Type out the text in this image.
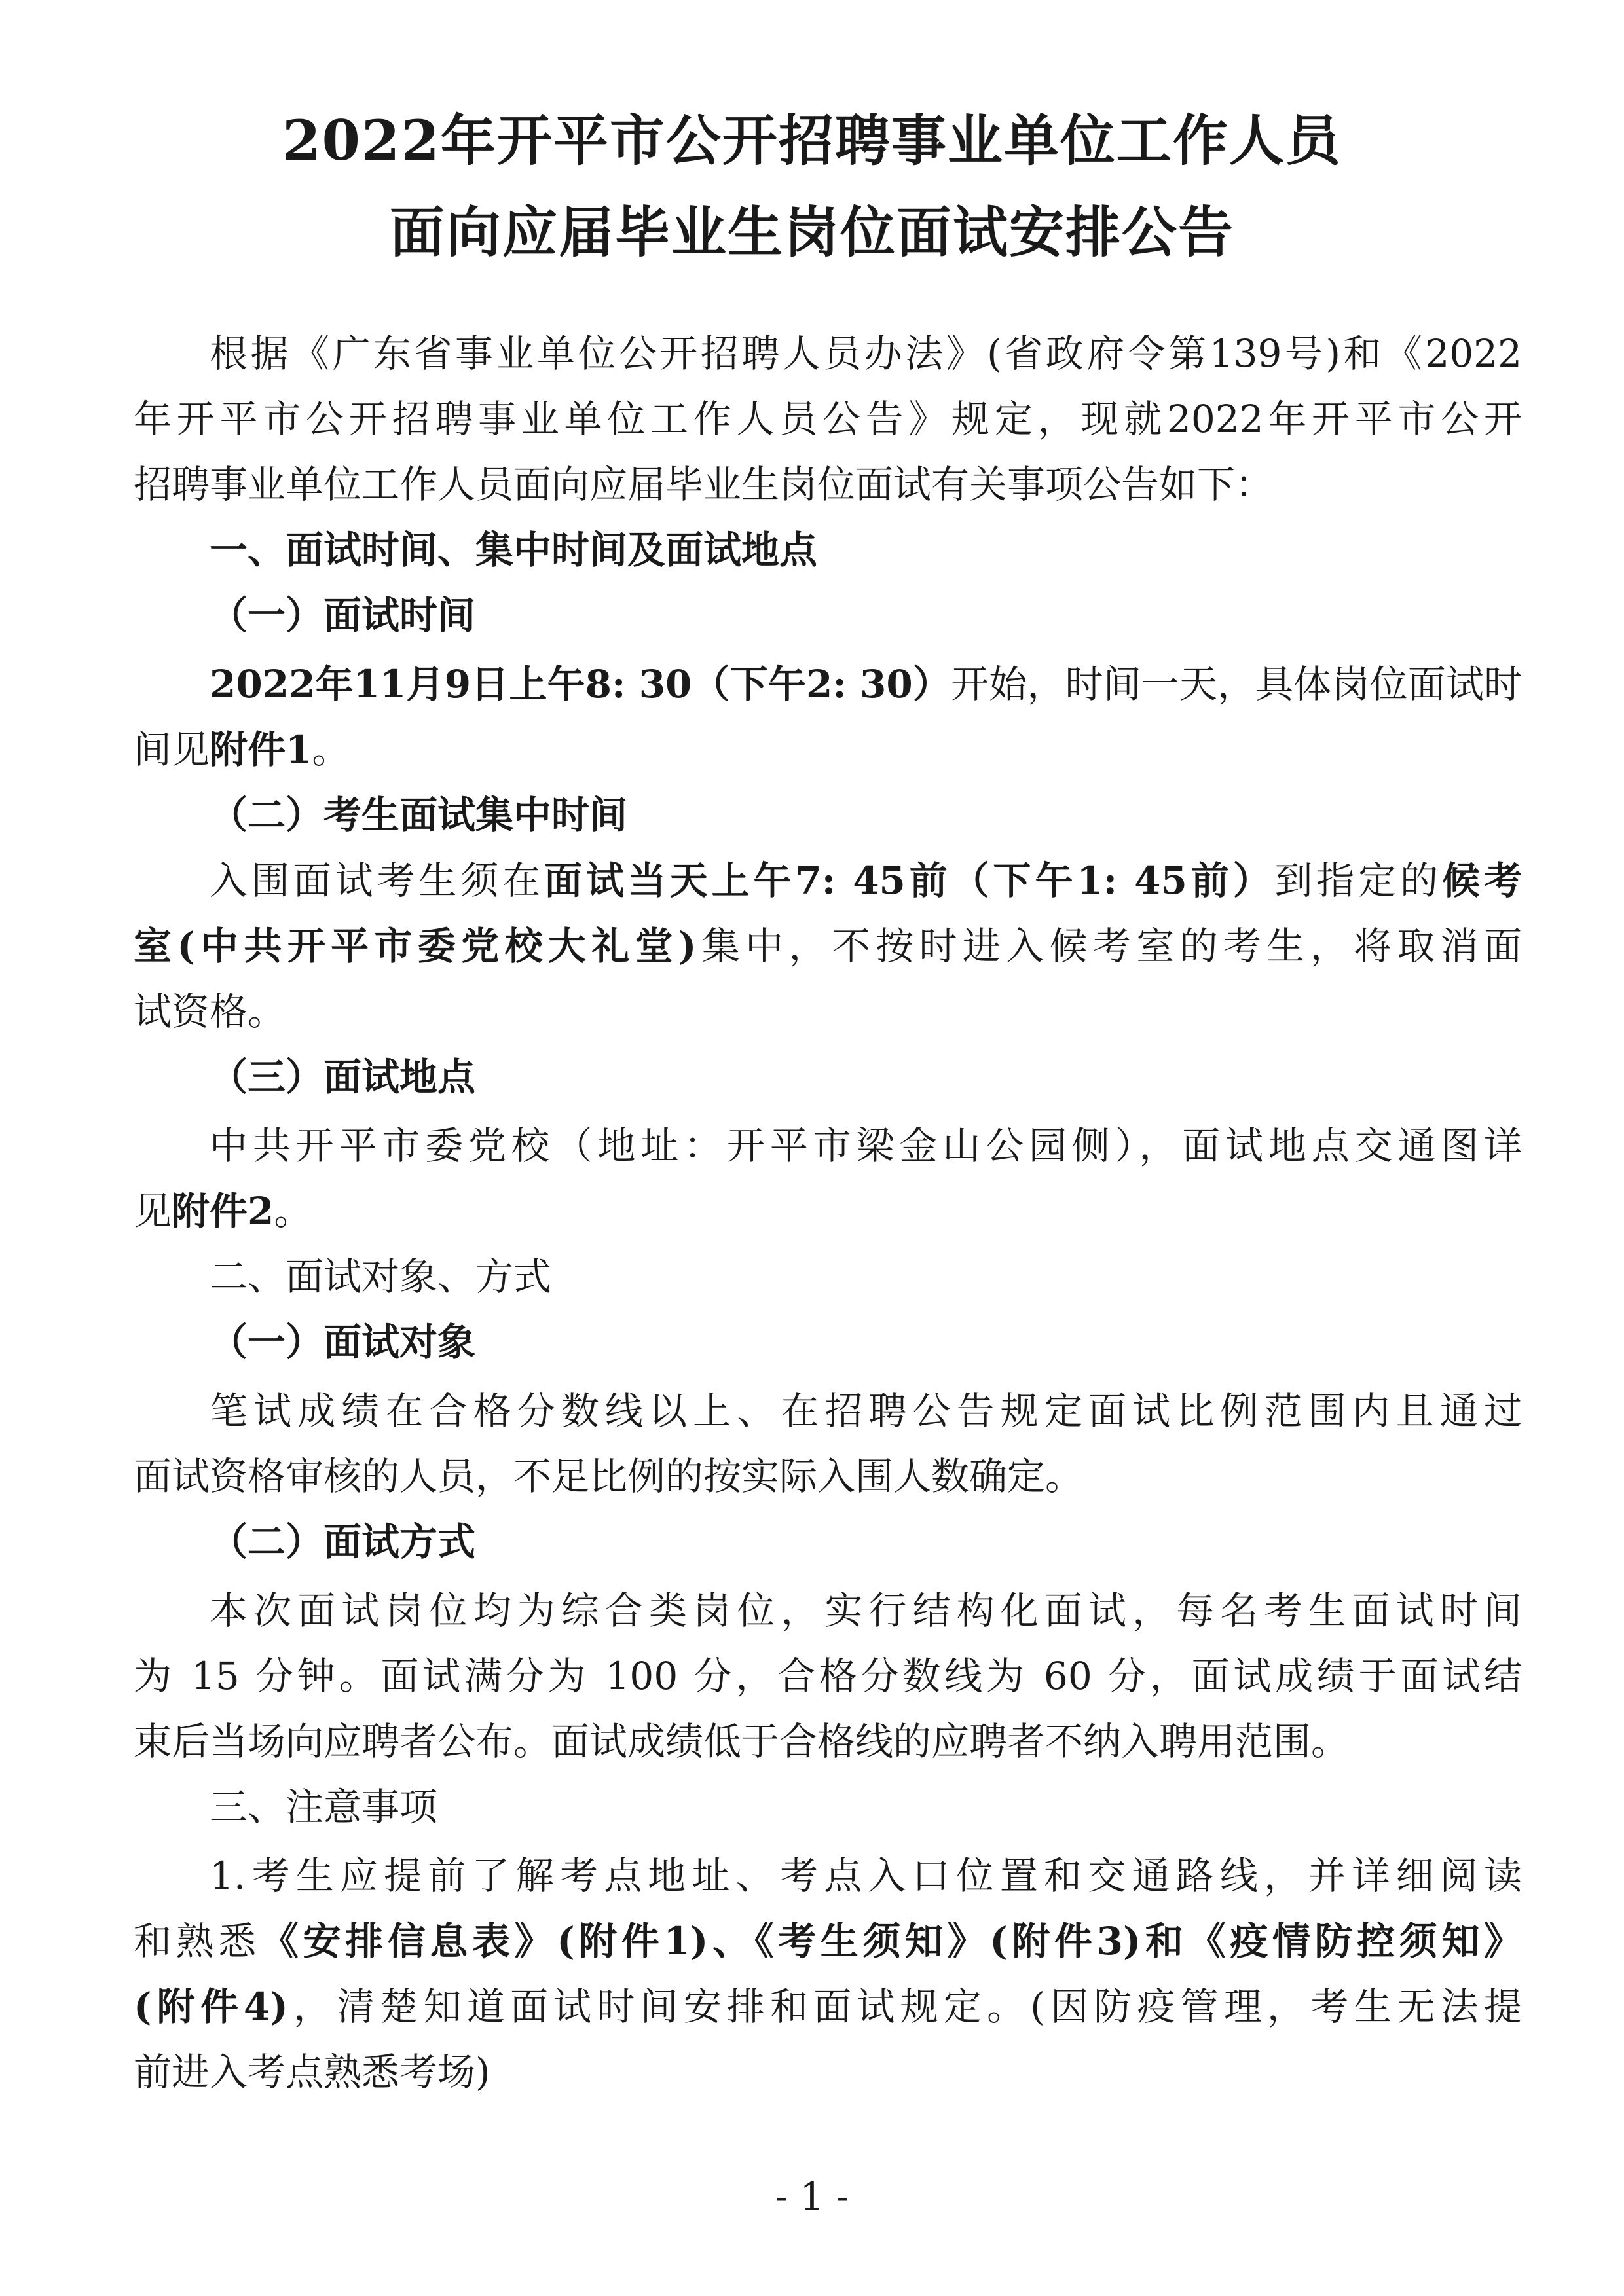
2022年开平市公开招聘事业单位工作人员
面向应届毕业生岗位面试安排公告
根据《广东省事业单位公开招聘人员办法》(省政府令第139号)和《2022
年开平市公开招聘事业单位工作人员公告》规定，现就2022年开平市公开
招聘事业单位工作人员面向应届毕业生岗位面试有关事项公告如下：
一、面试时间、集中时间及面试地点
（一）面试时间
2022年11月9日上午8: 30（下午2: 30）开始，时间一天，具体岗位面试时
间见附件1。
（二）考生面试集中时间
入围面试考生须在面试当天上午7: 45前（下午1: 45前）到指定的候考
室(中共开平市委党校大礼堂)集中，不按时进入候考室的考生，将取消面
试资格。
（三）面试地点
中共开平市委党校（地址：开平市梁金山公园侧），面试地点交通图详
见附件2。
二、面试对象、方式
（一）面试对象
笔试成绩在合格分数线以上、在招聘公告规定面试比例范围内且通过
面试资格审核的人员，不足比例的按实际入围人数确定。
（二）面试方式
本次面试岗位均为综合类岗位，实行结构化面试，每名考生面试时间
为 15 分钟。面试满分为 100 分，合格分数线为 60 分，面试成绩于面试结
束后当场向应聘者公布。面试成绩低于合格线的应聘者不纳入聘用范围。
三、注意事项
1.考生应提前了解考点地址、考点入口位置和交通路线，并详细阅读
和熟悉《安排信息表》(附件1)、《考生须知》(附件3)和《疫情防控须知》
(附件4)，清楚知道面试时间安排和面试规定。(因防疫管理，考生无法提
前进入考点熟悉考场)
- 1 -
